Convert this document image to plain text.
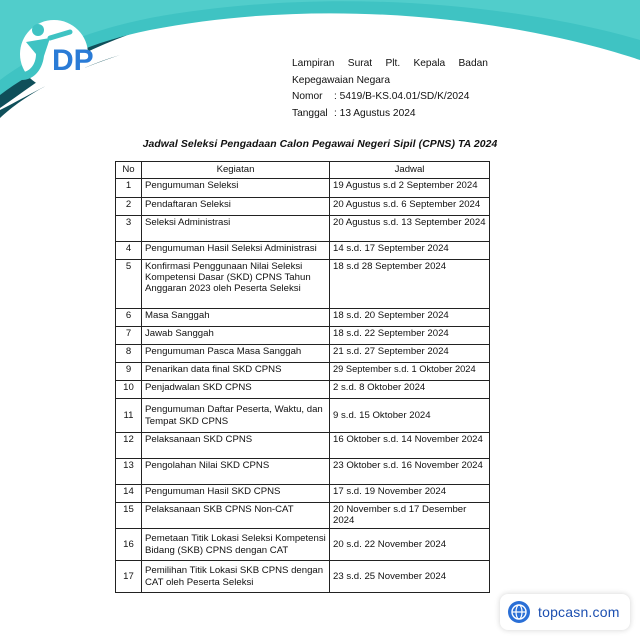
DP	Lampiran Surat Plt. Kepala Badan
Kepegawaian Negara
Nomor : 5419/B-KS.04.01/SD/K/2024
Tanggal : 13 Agustus 2024
Jadwal Seleksi Pengadaan Calon Pegawai Negeri Sipil (CPNS) TA 2024
No	Kegiatan	Jadwal
1	Pengumuman Seleksi	19 Agustus s.d 2 September 2024
2	Pendaftaran Seleksi	20 Agustus s.d. 6 September 2024
3	Seleksi Administrasi	20 Agustus s.d. 13 September 2024
4	Pengumuman Hasil Seleksi Administrasi	14 s.d. 17 September 2024
5	Konfirmasi Penggunaan Nilai Seleksi Kompetensi Dasar (SKD) CPNS Tahun Anggaran 2023 oleh Peserta Seleksi	18 s.d 28 September 2024
6	Masa Sanggah	18 s.d. 20 September 2024
7	Jawab Sanggah	18 s.d. 22 September 2024
8	Pengumuman Pasca Masa Sanggah	21 s.d. 27 September 2024
9	Penarikan data final SKD CPNS	29 September s.d. 1 Oktober 2024
10	Penjadwalan SKD CPNS	2 s.d. 8 Oktober 2024
11	Pengumuman Daftar Peserta, Waktu, dan Tempat SKD CPNS	9 s.d. 15 Oktober 2024
12	Pelaksanaan SKD CPNS	16 Oktober s.d. 14 November 2024
13	Pengolahan Nilai SKD CPNS	23 Oktober s.d. 16 November 2024
14	Pengumuman Hasil SKD CPNS	17 s.d. 19 November 2024
15	Pelaksanaan SKB CPNS Non-CAT	20 November s.d 17 Desember 2024
16	Pemetaan Titik Lokasi Seleksi Kompetensi Bidang (SKB) CPNS dengan CAT	20 s.d. 22 November 2024
17	Pemilihan Titik Lokasi SKB CPNS dengan CAT oleh Peserta Seleksi	23 s.d. 25 November 2024
topcasn.com
